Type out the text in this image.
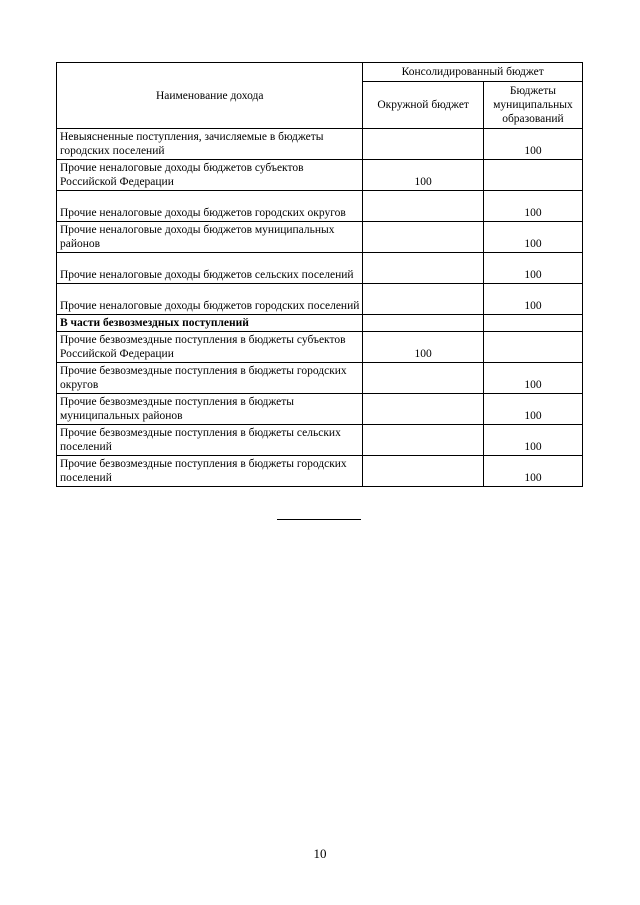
Наименование дохода	Консолидированный бюджет	
	Окружной бюджет	Бюджеты муниципальных образований
Невыясненные поступления, зачисляемые в бюджеты городских поселений		100
Прочие неналоговые доходы бюджетов субъектов Российской Федерации	100	
Прочие неналоговые доходы бюджетов городских округов		100
Прочие неналоговые доходы бюджетов муниципальных районов		100
Прочие неналоговые доходы бюджетов сельских поселений		100
Прочие неналоговые доходы бюджетов городских поселений		100
В части безвозмездных поступлений		
Прочие безвозмездные поступления в бюджеты субъектов Российской Федерации	100	
Прочие безвозмездные поступления в бюджеты городских округов		100
Прочие безвозмездные поступления в бюджеты муниципальных районов		100
Прочие безвозмездные поступления в бюджеты сельских поселений		100
Прочие безвозмездные поступления в бюджеты городских поселений		100
10
